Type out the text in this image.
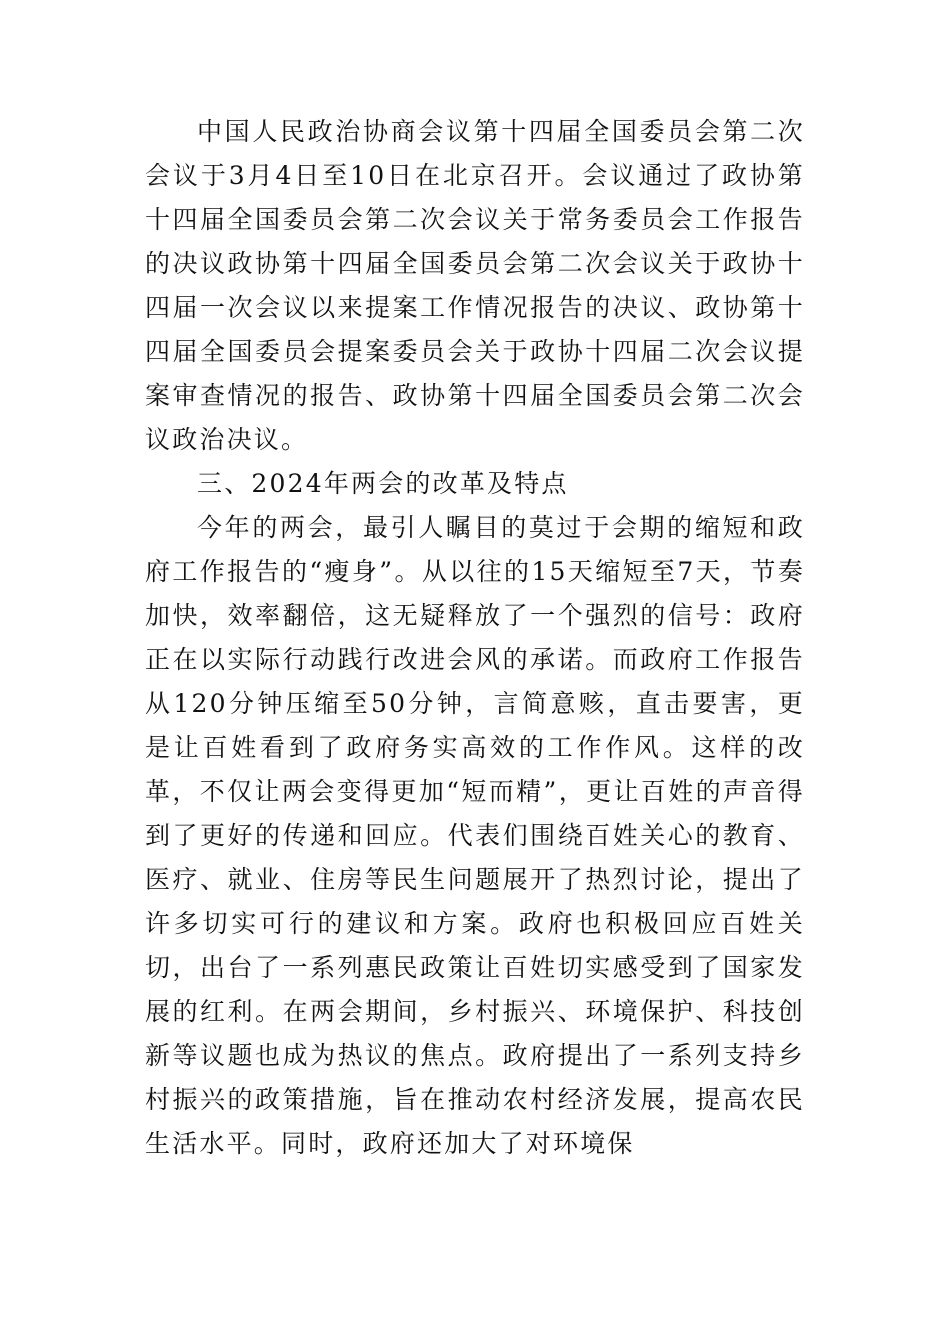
中国人民政治协商会议第十四届全国委员会第二次会议于3月4日至10日在北京召开。会议通过了政协第十四届全国委员会第二次会议关于常务委员会工作报告的决议政协第十四届全国委员会第二次会议关于政协十四届一次会议以来提案工作情况报告的决议、政协第十四届全国委员会提案委员会关于政协十四届二次会议提案审查情况的报告、政协第十四届全国委员会第二次会议政治决议。

三、2024年两会的改革及特点

今年的两会，最引人瞩目的莫过于会期的缩短和政府工作报告的“瘦身”。从以往的15天缩短至7天，节奏加快，效率翻倍，这无疑释放了一个强烈的信号：政府正在以实际行动践行改进会风的承诺。而政府工作报告从120分钟压缩至50分钟，言简意赅，直击要害，更是让百姓看到了政府务实高效的工作作风。这样的改革，不仅让两会变得更加“短而精”，更让百姓的声音得到了更好的传递和回应。代表们围绕百姓关心的教育、医疗、就业、住房等民生问题展开了热烈讨论，提出了许多切实可行的建议和方案。政府也积极回应百姓关切，出台了一系列惠民政策让百姓切实感受到了国家发展的红利。在两会期间，乡村振兴、环境保护、科技创新等议题也成为热议的焦点。政府提出了一系列支持乡村振兴的政策措施，旨在推动农村经济发展，提高农民生活水平。同时，政府还加大了对环境保
